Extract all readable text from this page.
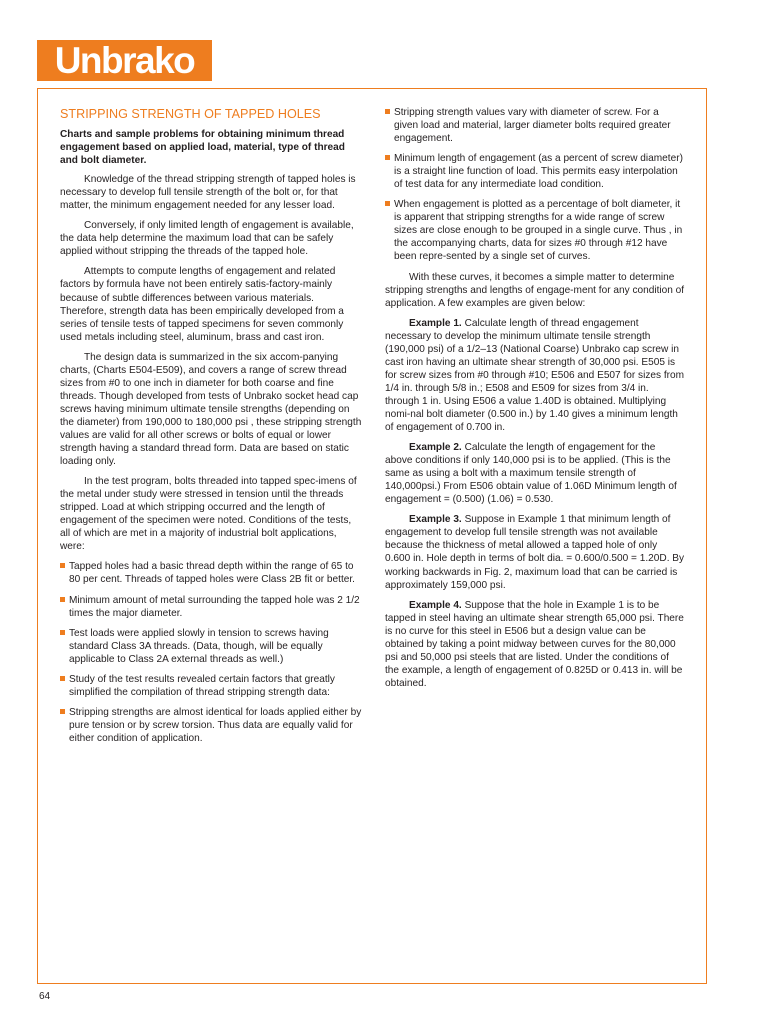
Unbrako
STRIPPING STRENGTH OF TAPPED HOLES

Charts and sample problems for obtaining minimum thread engagement based on applied load, material, type of thread and bolt diameter.

Knowledge of the thread stripping strength of tapped holes is necessary to develop full tensile strength of the bolt or, for that matter, the minimum engagement needed for any lesser load.

Conversely, if only limited length of engagement is available, the data help determine the maximum load that can be safely applied without stripping the threads of the tapped hole.

Attempts to compute lengths of engagement and related factors by formula have not been entirely satis-factory-mainly because of subtle differences between various materials. Therefore, strength data has been empirically developed from a series of tensile tests of tapped specimens for seven commonly used metals including steel, aluminum, brass and cast iron.

The design data is summarized in the six accom-panying charts, (Charts E504-E509), and covers a range of screw thread sizes from #0 to one inch in diameter for both coarse and fine threads. Though developed from tests of Unbrako socket head cap screws having minimum ultimate tensile strengths (depending on the diameter) from 190,000 to 180,000 psi , these stripping strength values are valid for all other screws or bolts of equal or lower strength having a standard thread form. Data are based on static loading only.

In the test program, bolts threaded into tapped spec-imens of the metal under study were stressed in tension until the threads stripped. Load at which stripping occurred and the length of engagement of the specimen were noted. Conditions of the tests, all of which are met in a majority of industrial bolt applications, were:

Tapped holes had a basic thread depth within the range of 65 to 80 per cent. Threads of tapped holes were Class 2B fit or better.
Minimum amount of metal surrounding the tapped hole was 2 1/2 times the major diameter.
Test loads were applied slowly in tension to screws having standard Class 3A threads. (Data, though, will be equally applicable to Class 2A external threads as well.)
Study of the test results revealed certain factors that greatly simplified the compilation of thread stripping strength data:
Stripping strengths are almost identical for loads applied either by pure tension or by screw torsion. Thus data are equally valid for either condition of application.
Stripping strength values vary with diameter of screw. For a given load and material, larger diameter bolts required greater engagement.
Minimum length of engagement (as a percent of screw diameter) is a straight line function of load. This permits easy interpolation of test data for any intermediate load condition.
When engagement is plotted as a percentage of bolt diameter, it is apparent that stripping strengths for a wide range of screw sizes are close enough to be grouped in a single curve. Thus , in the accompanying charts, data for sizes #0 through #12 have been repre-sented by a single set of curves.

With these curves, it becomes a simple matter to determine stripping strengths and lengths of engage-ment for any condition of application. A few examples are given below:

Example 1. Calculate length of thread engagement necessary to develop the minimum ultimate tensile strength (190,000 psi) of a 1/2–13 (National Coarse) Unbrako cap screw in cast iron having an ultimate shear strength of 30,000 psi. E505 is for screw sizes from #0 through #10; E506 and E507 for sizes from 1/4 in. through 5/8 in.; E508 and E509 for sizes from 3/4 in. through 1 in. Using E506 a value 1.40D is obtained. Multiplying nomi-nal bolt diameter (0.500 in.) by 1.40 gives a minimum length of engagement of 0.700 in.

Example 2. Calculate the length of engagement for the above conditions if only 140,000 psi is to be applied. (This is the same as using a bolt with a maximum tensile strength of 140,000psi.) From E506 obtain value of 1.06D Minimum length of engagement = (0.500) (1.06) = 0.530.

Example 3. Suppose in Example 1 that minimum length of engagement to develop full tensile strength was not available because the thickness of metal allowed a tapped hole of only 0.600 in. Hole depth in terms of bolt dia. = 0.600/0.500 = 1.20D. By working backwards in Fig. 2, maximum load that can be carried is approximately 159,000 psi.

Example 4. Suppose that the hole in Example 1 is to be tapped in steel having an ultimate shear strength 65,000 psi. There is no curve for this steel in E506 but a design value can be obtained by taking a point midway between curves for the 80,000 psi and 50,000 psi steels that are listed. Under the conditions of the example, a length of engagement of 0.825D or 0.413 in. will be obtained.

64
